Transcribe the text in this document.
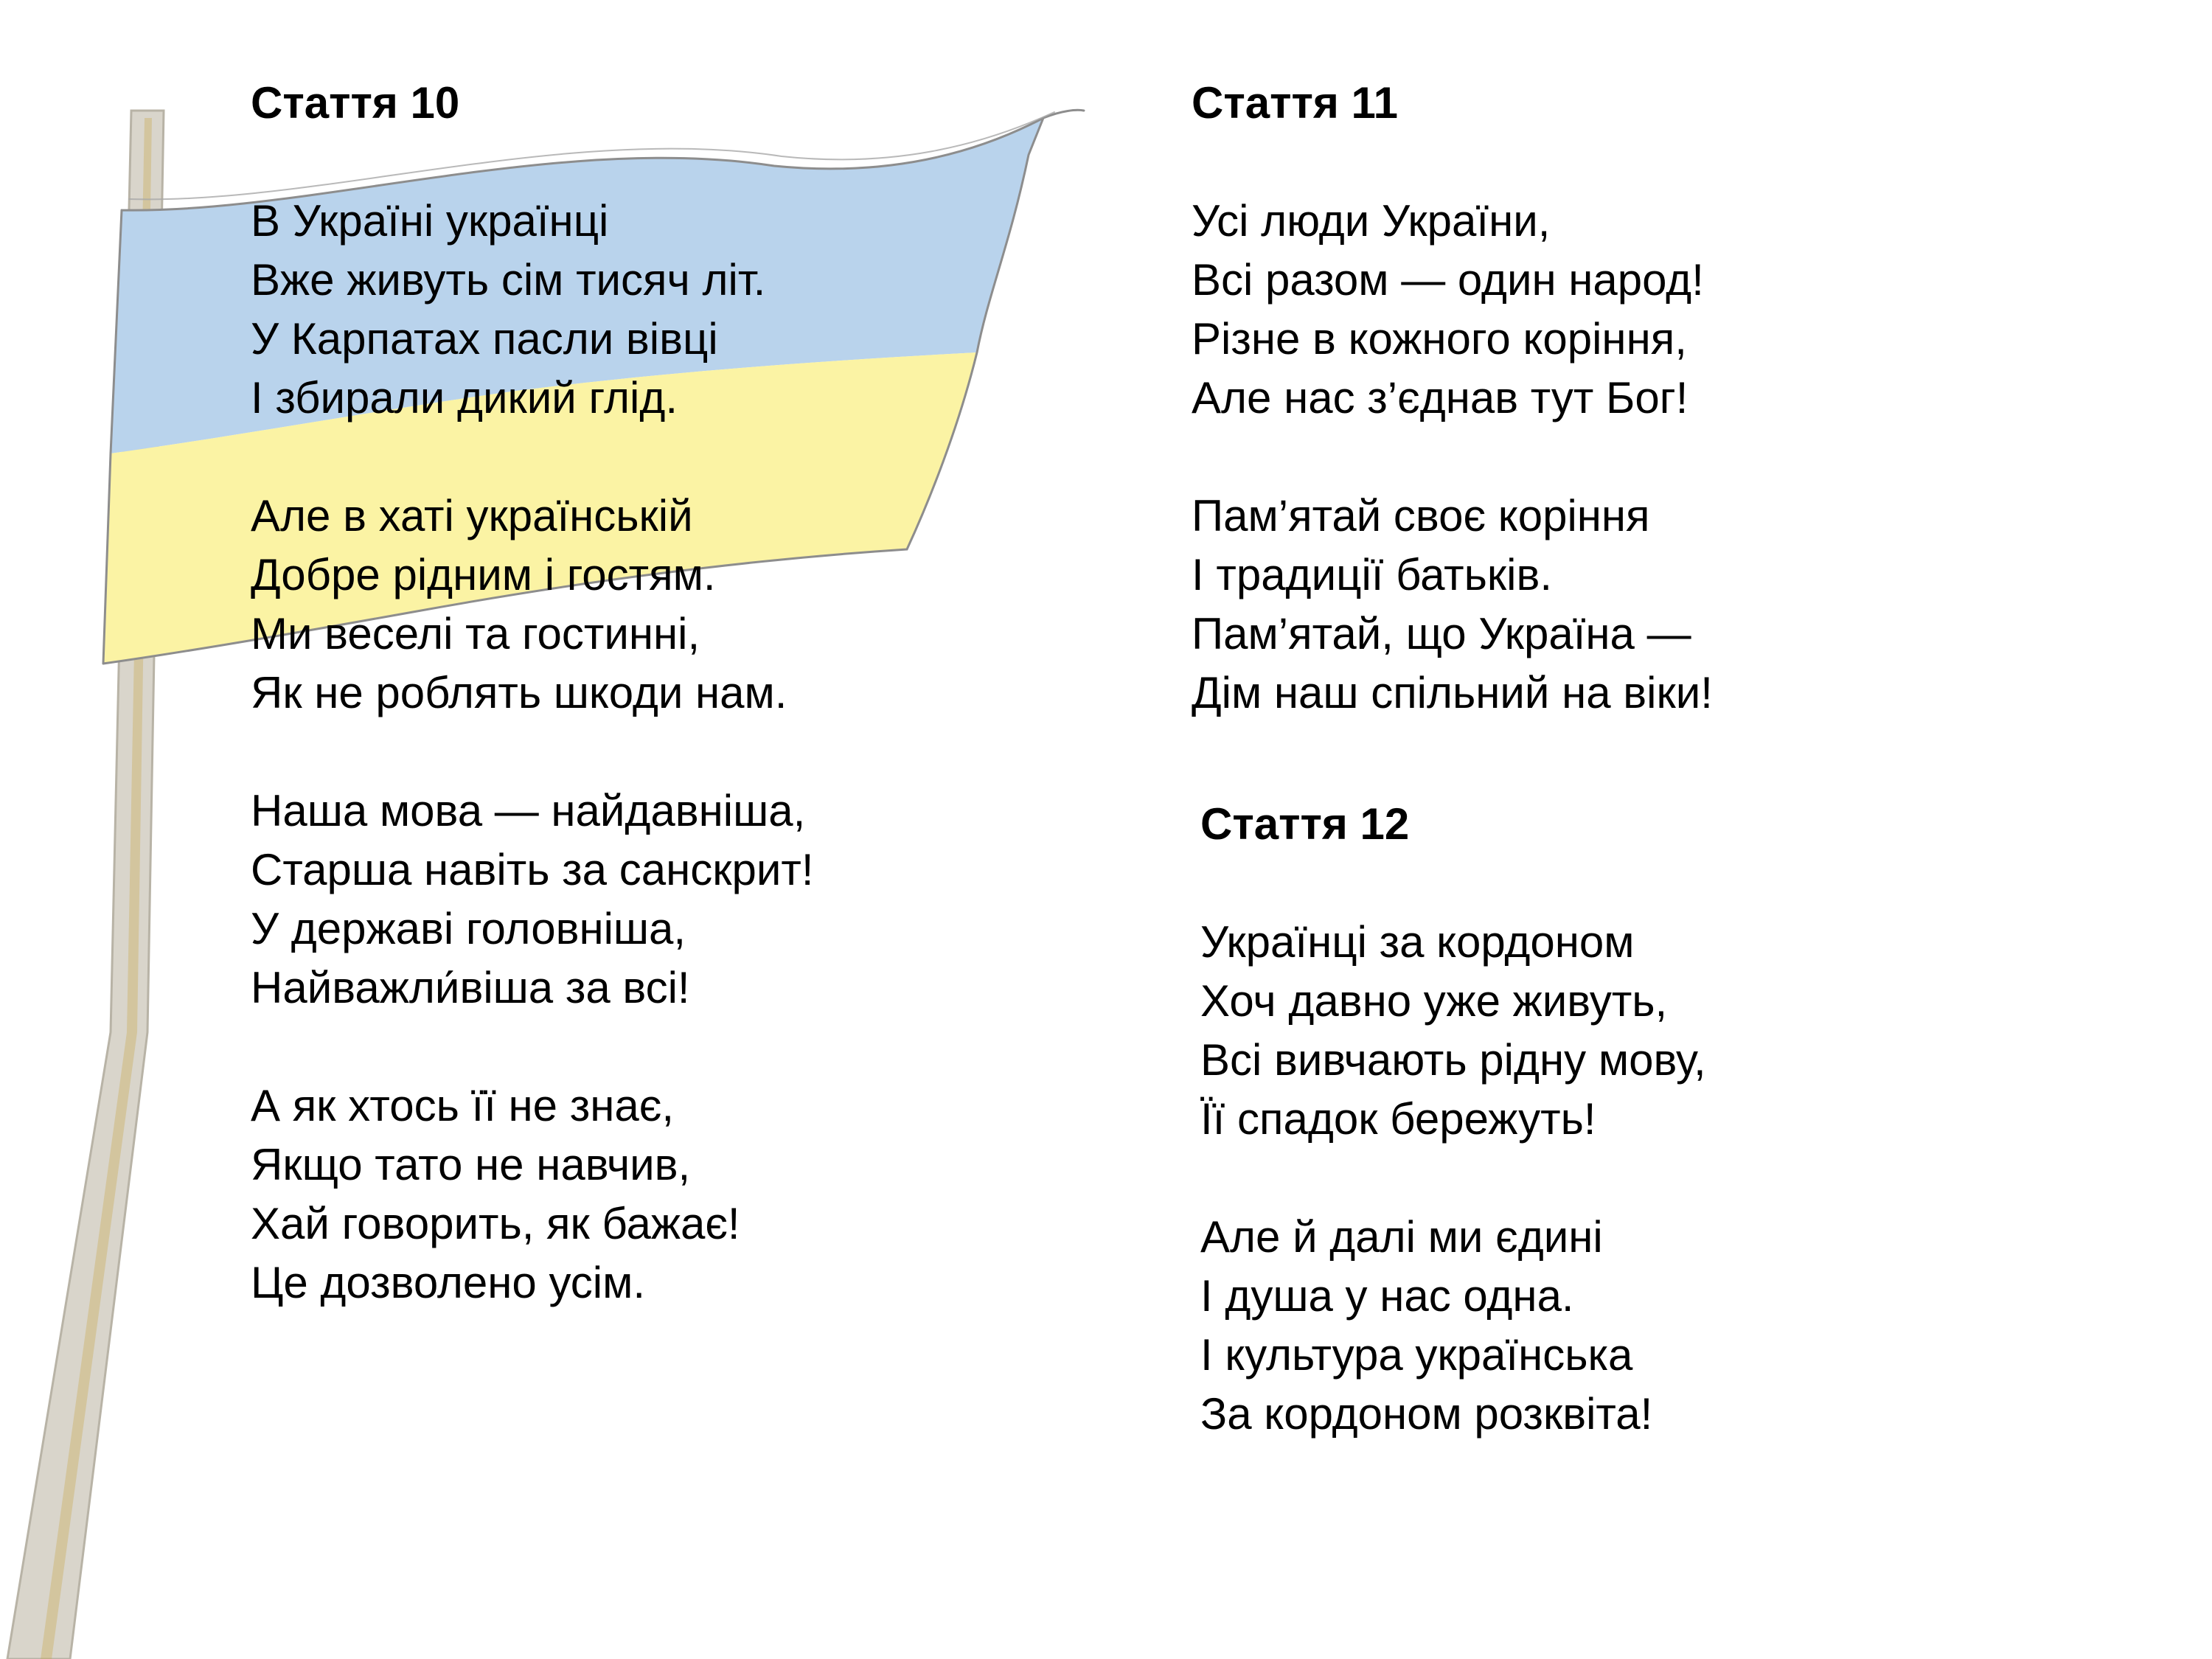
Стаття 10
В Україні українці
Вже живуть сім тисяч літ.
У Карпатах пасли вівці
І збирали дикий глід.
Але в хаті українській
Добре рідним і гостям.
Ми веселі та гостинні,
Як не роблять шкоди нам.
Наша мова — найдавніша,
Старша навіть за санскрит!
У державі головніша,
Найважли́віша за всі!
А як хтось її не знає,
Якщо тато не навчив,
Хай говорить, як бажає!
Це дозволено усім.
Стаття 11
Усі люди України,
Всі разом — один народ!
Різне в кожного коріння,
Але нас з’єднав тут Бог!
Пам’ятай своє коріння
І традиції батьків.
Пам’ятай, що Україна —
Дім наш спільний на віки!
Стаття 12
Українці за кордоном
Хоч давно уже живуть,
Всі вивчають рідну мову,
Її спадок бережуть!
Але й далі ми єдині
І душа у нас одна.
І культура українська
За кордоном розквіта!
